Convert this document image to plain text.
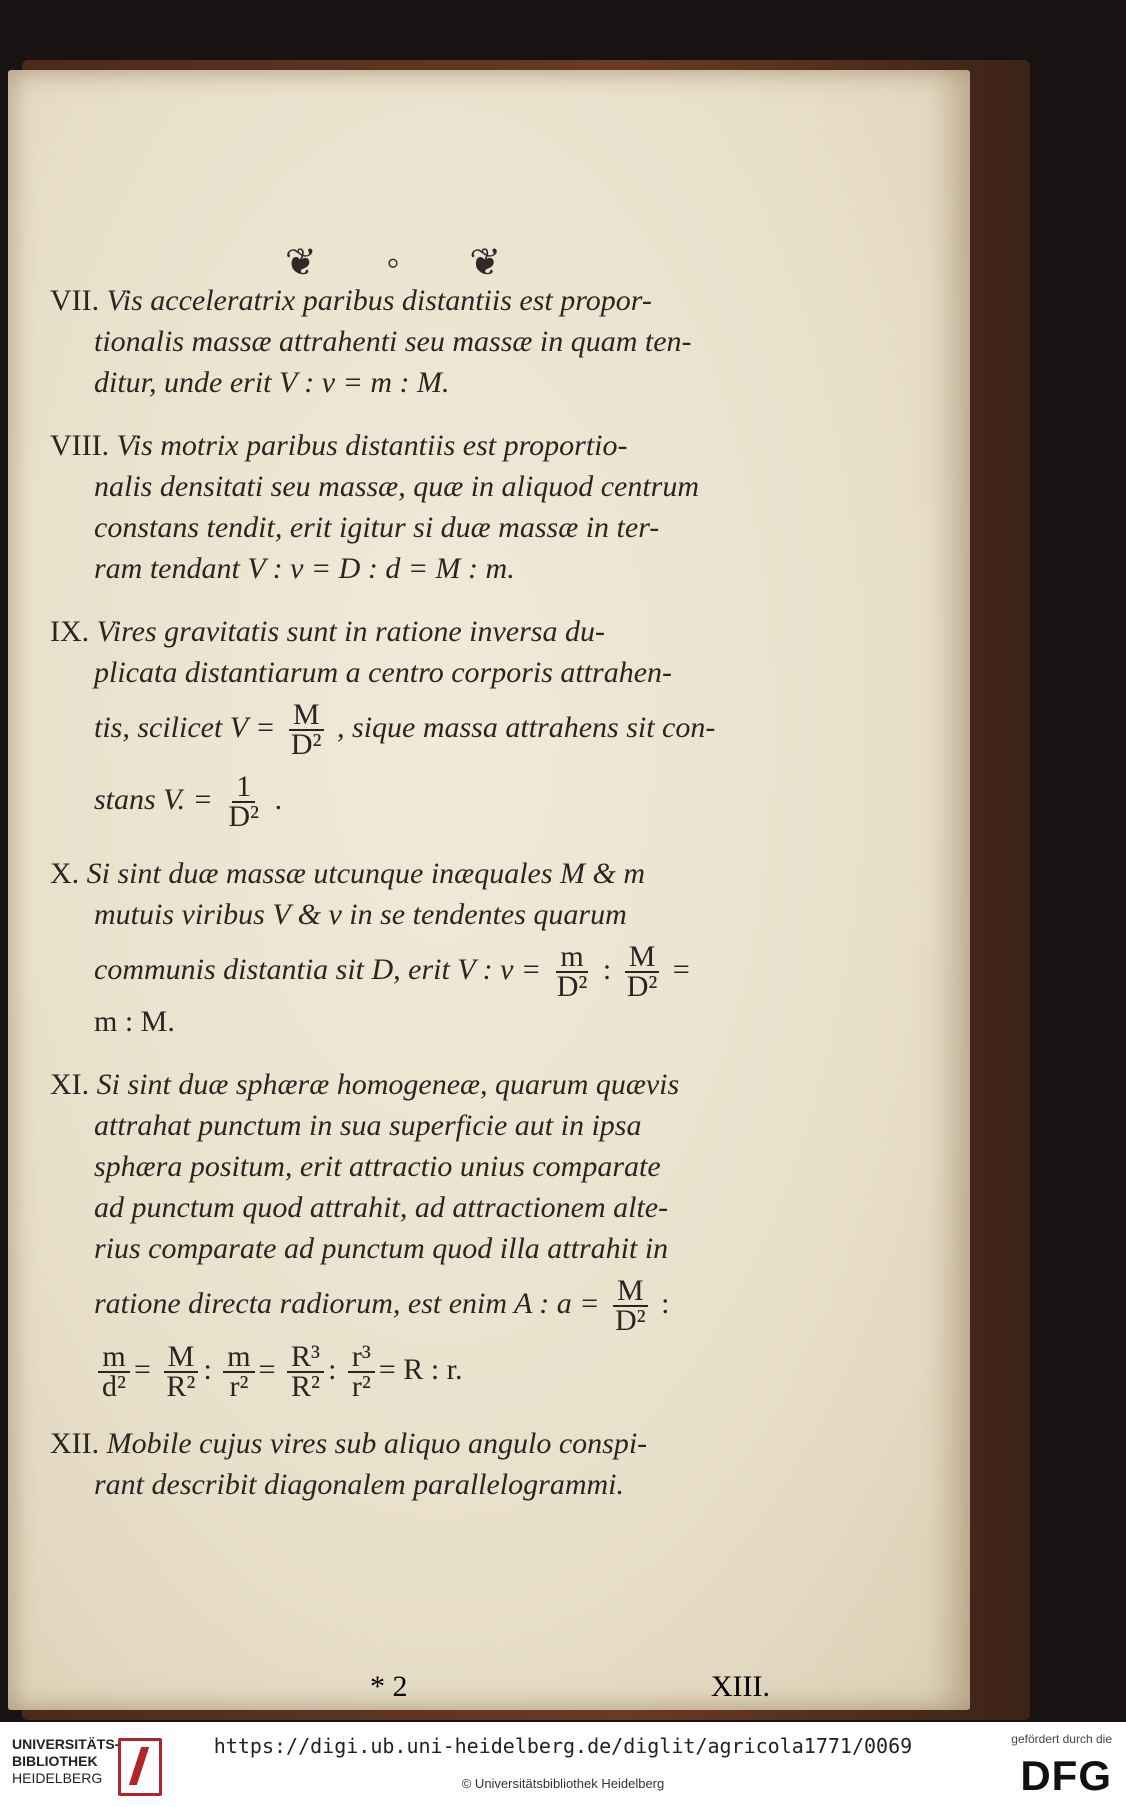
❦ ◦ ❦

VII. Vis acceleratrix paribus distantiis est propor-

tionalis massæ attrahenti seu massæ in quam ten-

ditur, unde erit V : v = m : M.

VIII. Vis motrix paribus distantiis est proportio-

nalis densitati seu massæ, quæ in aliquod centrum

constans tendit, erit igitur si duæ massæ in ter-

ram tendant V : v = D : d = M : m.

IX. Vires gravitatis sunt in ratione inversa du-

plicata distantiarum a centro corporis attrahen-

tis, scilicet $V = \frac{M}{\text{D²}}$ , sique massa attrahens sit con-

stans V. = $\frac{1}{\text{D²}}$ .

X. Si sint duæ massæ utcunque inæquales M & m

mutuis viribus V & v in se tendentes quarum

communis distantia sit D, erit V : $v = \frac{m}{\text{D²}}$ : $\frac{M}{\text{D²}}$ =

m : M.

XI. Si sint duæ sphæræ homogeneæ, quarum quævis

attrahat punctum in sua superficie aut in ipsa

sphæra positum, erit attractio unius comparate

ad punctum quod attrahit, ad attractionem alte-

rius comparate ad punctum quod illa attrahit in

ratione directa radiorum, est enim A : $a = \frac{M}{\text{D²}}$ :

$\frac{m}{\text{d²}} = \frac{M}{\text{R²}}$ : $\frac{m}{\text{r²}} = \frac{\text{R³}}{\text{R²}}$ : $\frac{\text{r³}}{\text{r²}} = R$ : r.

XII. Mobile cujus vires sub aliquo angulo conspi-

rant describit diagonalem parallelogrammi.

* 2	XIII.
UNIVERSITÄTS-
BIBLIOTHEK
HEIDELBERG
https://digi.ub.uni-heidelberg.de/diglit/agricola1771/0069
© Universitätsbibliothek Heidelberg
gefördert durch die
DFG
